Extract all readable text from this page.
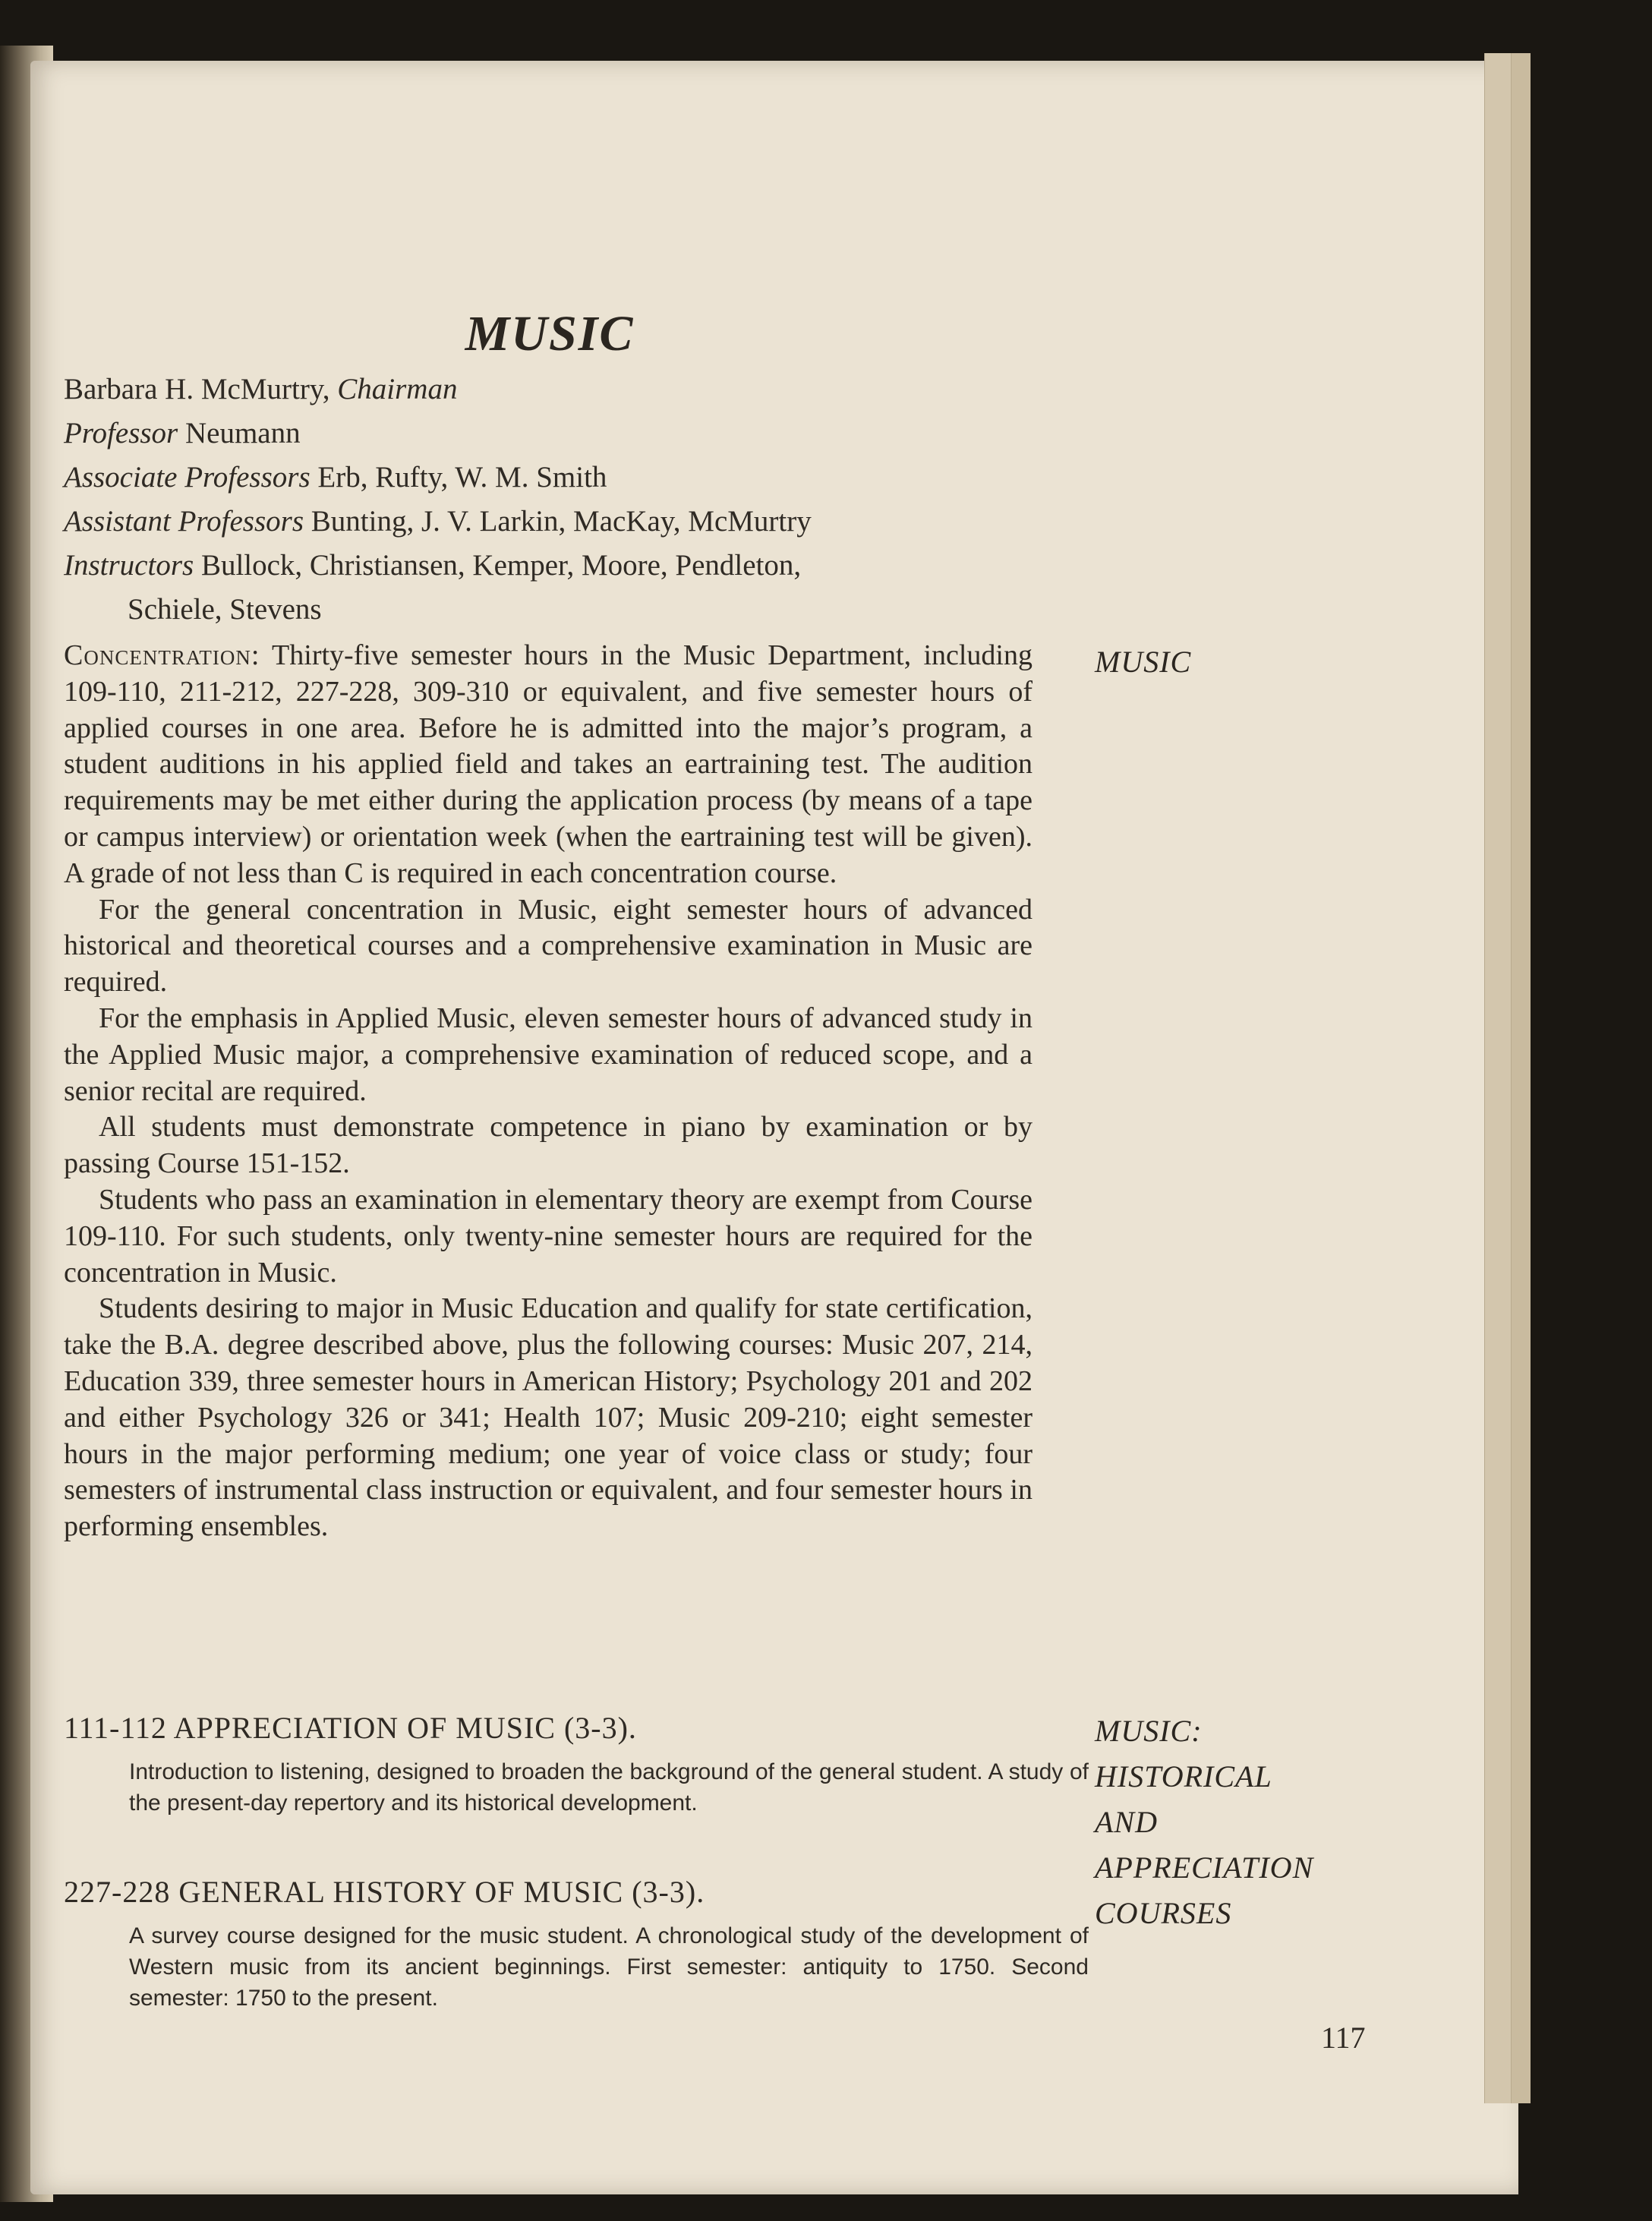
MUSIC
Barbara H. McMurtry, Chairman
Professor Neumann
Associate Professors Erb, Rufty, W. M. Smith
Assistant Professors Bunting, J. V. Larkin, MacKay, McMurtry
Instructors Bullock, Christiansen, Kemper, Moore, Pendleton,
Schiele, Stevens
MUSIC

Concentration: Thirty-five semester hours in the Music Department, including 109-110, 211-212, 227-228, 309-310 or equivalent, and five semester hours of applied courses in one area. Before he is admitted into the major’s program, a student auditions in his applied field and takes an eartraining test. The audition requirements may be met either during the application process (by means of a tape or campus interview) or orientation week (when the eartraining test will be given). A grade of not less than C is required in each concentration course.

For the general concentration in Music, eight semester hours of advanced historical and theoretical courses and a comprehensive examination in Music are required.

For the emphasis in Applied Music, eleven semester hours of advanced study in the Applied Music major, a comprehensive examination of reduced scope, and a senior recital are required.

All students must demonstrate competence in piano by examination or by passing Course 151-152.

Students who pass an examination in elementary theory are exempt from Course 109-110. For such students, only twenty-nine semester hours are required for the concentration in Music.

Students desiring to major in Music Education and qualify for state certification, take the B.A. degree described above, plus the following courses: Music 207, 214, Education 339, three semester hours in American History; Psychology 201 and 202 and either Psychology 326 or 341; Health 107; Music 209-210; eight semester hours in the major performing medium; one year of voice class or study; four semesters of instrumental class instruction or equivalent, and four semester hours in performing ensembles.

MUSIC:
HISTORICAL
AND
APPRECIATION
COURSES
111-112 APPRECIATION OF MUSIC (3-3).
Introduction to listening, designed to broaden the background of the general student. A study of the present-day repertory and its historical development.
227-228 GENERAL HISTORY OF MUSIC (3-3).
A survey course designed for the music student. A chronological study of the development of Western music from its ancient beginnings. First semester: antiquity to 1750. Second semester: 1750 to the present.
117
